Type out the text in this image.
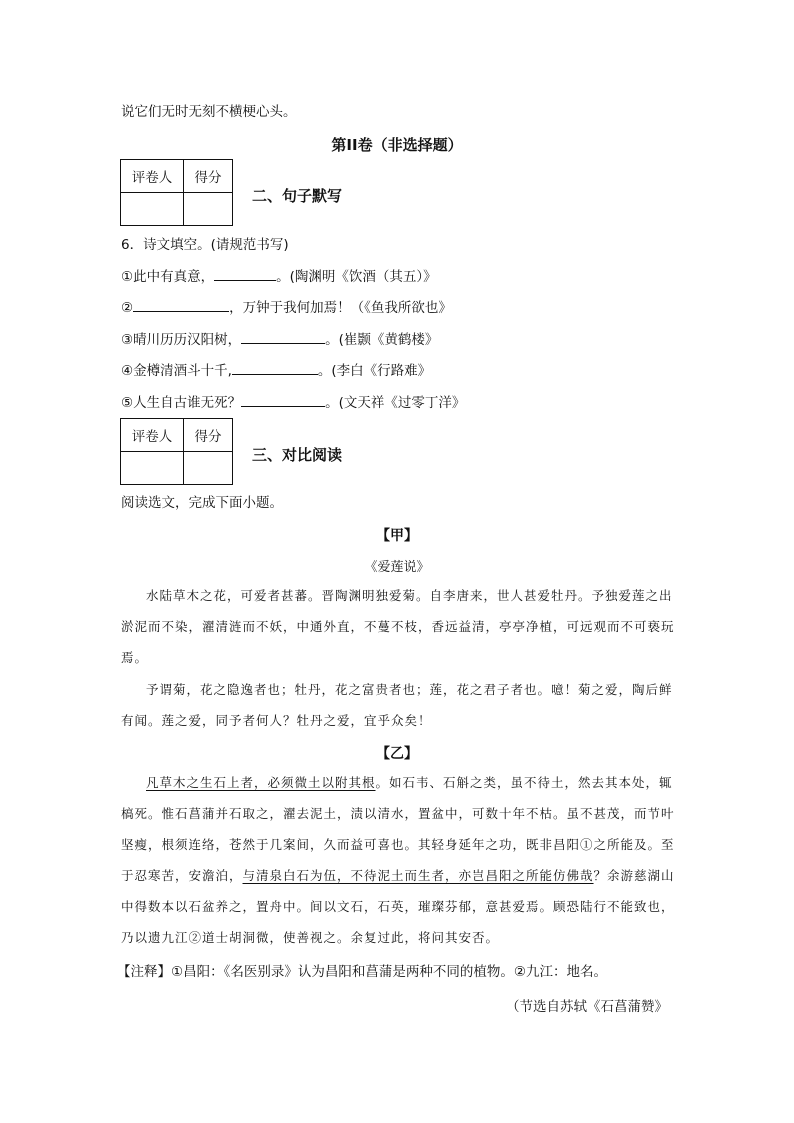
说它们无时无刻不横梗心头。
第II卷（非选择题）
评卷人	得分

二、句子默写
6．诗文填空。(请规范书写)
①此中有真意，	。(陶渊明《饮酒（其五）》
②	，万钟于我何加焉！（《鱼我所欲也》
③晴川历历汉阳树，	。(崔颢《黄鹤楼》
④金樽清酒斗十千,	。(李白《行路难》
⑤人生自古谁无死？	。(文天祥《过零丁洋》
评卷人	得分

三、对比阅读
阅读选文，完成下面小题。
【甲】
《爱莲说》
水陆草木之花，可爱者甚蕃。晋陶渊明独爱菊。自李唐来，世人甚爱牡丹。予独爱莲之出淤泥而不染，濯清涟而不妖，中通外直，不蔓不枝，香远益清，亭亭净植，可远观而不可亵玩焉。
予谓菊，花之隐逸者也；牡丹，花之富贵者也；莲，花之君子者也。噫！菊之爱，陶后鲜有闻。莲之爱，同予者何人？牡丹之爱，宜乎众矣！
【乙】
凡草木之生石上者，必须微土以附其根。如石韦、石斛之类，虽不待土，然去其本处，辄槁死。惟石菖蒲并石取之，濯去泥土，渍以清水，置盆中，可数十年不枯。虽不甚茂，而节叶坚瘦，根须连络，苍然于几案间，久而益可喜也。其轻身延年之功，既非昌阳①之所能及。至于忍寒苦，安澹泊，与清泉白石为伍，不待泥土而生者，亦岂昌阳之所能仿佛哉？余游慈湖山中得数本以石盆养之，置舟中。间以文石，石英，璀璨芬郁，意甚爱焉。顾恐陆行不能致也，乃以遗九江②道士胡洞微，使善视之。余复过此，将问其安否。
【注释】①昌阳：《名医别录》认为昌阳和菖蒲是两种不同的植物。②九江：地名。
（节选自苏轼《石菖蒲赞》
